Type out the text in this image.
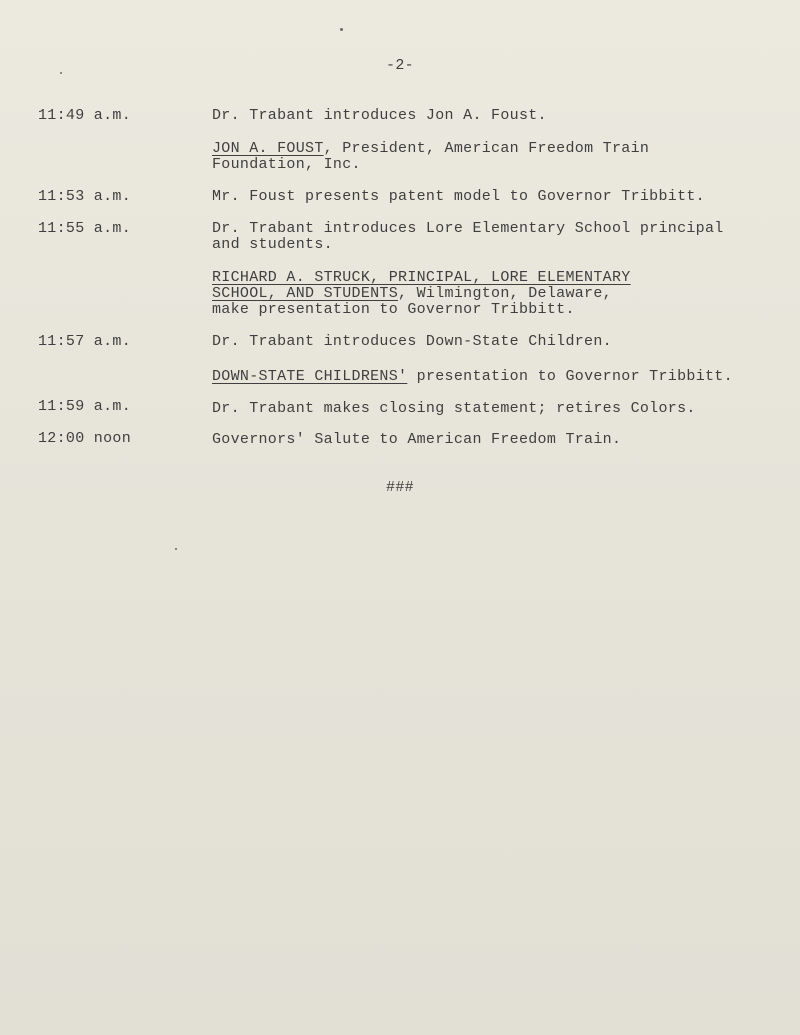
-2-
11:49 a.m.	Dr. Trabant introduces Jon A. Foust.
JON A. FOUST, President, American Freedom Train
Foundation, Inc.
11:53 a.m.	Mr. Foust presents patent model to Governor Tribbitt.
11:55 a.m.	Dr. Trabant introduces Lore Elementary School principal
and students.
RICHARD A. STRUCK, PRINCIPAL, LORE ELEMENTARY
SCHOOL, AND STUDENTS, Wilmington, Delaware,
make presentation to Governor Tribbitt.
11:57 a.m.	Dr. Trabant introduces Down-State Children.
DOWN-STATE CHILDRENS' presentation to Governor Tribbitt.
11:59 a.m.	Dr. Trabant makes closing statement; retires Colors.
12:00 noon	Governors' Salute to American Freedom Train.
###
